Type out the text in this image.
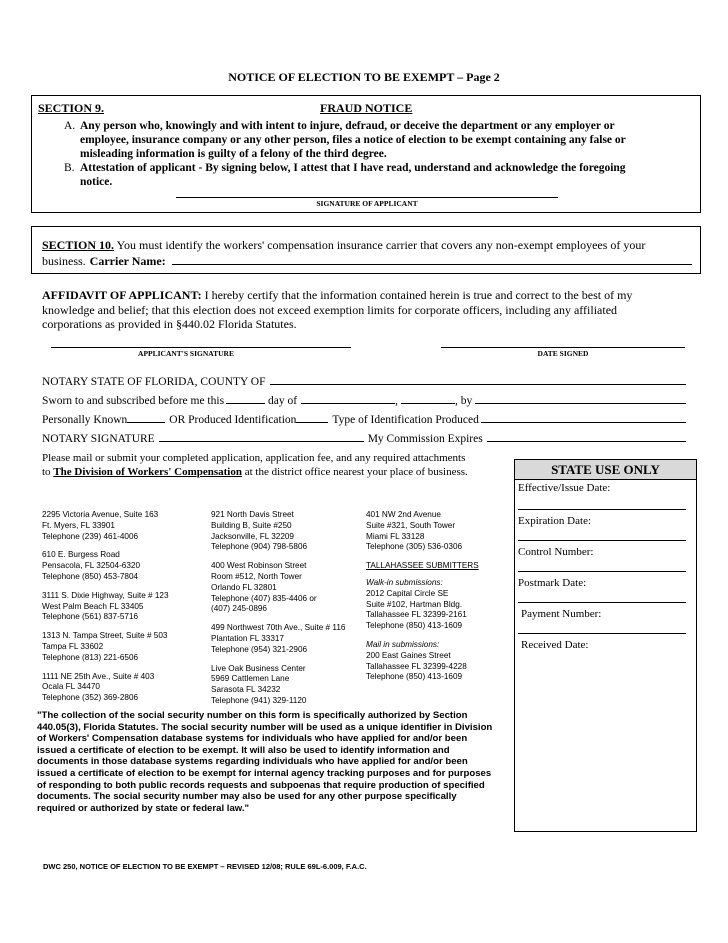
NOTICE OF ELECTION TO BE EXEMPT – Page 2
SECTION 9.	FRAUD NOTICE
A. Any person who, knowingly and with intent to injure, defraud, or deceive the department or any employer or
employee, insurance company or any other person, files a notice of election to be exempt containing any false or
misleading information is guilty of a felony of the third degree.
B. Attestation of applicant - By signing below, I attest that I have read, understand and acknowledge the foregoing
notice.
SIGNATURE OF APPLICANT
SECTION 10. You must identify the workers' compensation insurance carrier that covers any non-exempt employees of your
business. Carrier Name:
AFFIDAVIT OF APPLICANT: I hereby certify that the information contained herein is true and correct to the best of my
knowledge and belief; that this election does not exceed exemption limits for corporate officers, including any affiliated
corporations as provided in §440.02 Florida Statutes.
APPLICANT'S SIGNATURE	DATE SIGNED
NOTARY STATE OF FLORIDA, COUNTY OF
Sworn to and subscribed before me this	day of	,	, by
Personally Known	OR Produced Identification	Type of Identification Produced
NOTARY SIGNATURE	My Commission Expires
Please mail or submit your completed application, application fee, and any required attachments
to The Division of Workers' Compensation at the district office nearest your place of business.	STATE USE ONLY
Effective/Issue Date:
Expiration Date:
Control Number:
Postmark Date:
Payment Number:
Received Date:
2295 Victoria Avenue, Suite 163
Ft. Myers, FL 33901
Telephone (239) 461-4006
610 E. Burgess Road
Pensacola, FL 32504-6320
Telephone (850) 453-7804
3111 S. Dixie Highway, Suite # 123
West Palm Beach FL 33405
Telephone (561) 837-5716
1313 N. Tampa Street, Suite # 503
Tampa FL 33602
Telephone (813) 221-6506
1111 NE 25th Ave., Suite # 403
Ocala FL 34470
Telephone (352) 369-2806
921 North Davis Street
Building B, Suite #250
Jacksonville, FL 32209
Telephone (904) 798-5806
400 West Robinson Street
Room #512, North Tower
Orlando FL 32801
Telephone (407) 835-4406 or
(407) 245-0896
499 Northwest 70th Ave., Suite # 116
Plantation FL 33317
Telephone (954) 321-2906
Live Oak Business Center
5969 Cattlemen Lane
Sarasota FL 34232
Telephone (941) 329-1120
401 NW 2nd Avenue
Suite #321, South Tower
Miami FL 33128
Telephone (305) 536-0306
TALLAHASSEE SUBMITTERS
Walk-in submissions:
2012 Capital Circle SE
Suite #102, Hartman Bldg.
Tallahassee FL 32399-2161
Telephone (850) 413-1609
Mail in submissions:
200 East Gaines Street
Tallahassee FL 32399-4228
Telephone (850) 413-1609
"The collection of the social security number on this form is specifically authorized by Section
440.05(3), Florida Statutes. The social security number will be used as a unique identifier in Division
of Workers' Compensation database systems for individuals who have applied for and/or been
issued a certificate of election to be exempt. It will also be used to identify information and
documents in those database systems regarding individuals who have applied for and/or been
issued a certificate of election to be exempt for internal agency tracking purposes and for purposes
of responding to both public records requests and subpoenas that require production of specified
documents. The social security number may also be used for any other purpose specifically
required or authorized by state or federal law."
DWC 250, NOTICE OF ELECTION TO BE EXEMPT – REVISED 12/08; RULE 69L-6.009, F.A.C.
